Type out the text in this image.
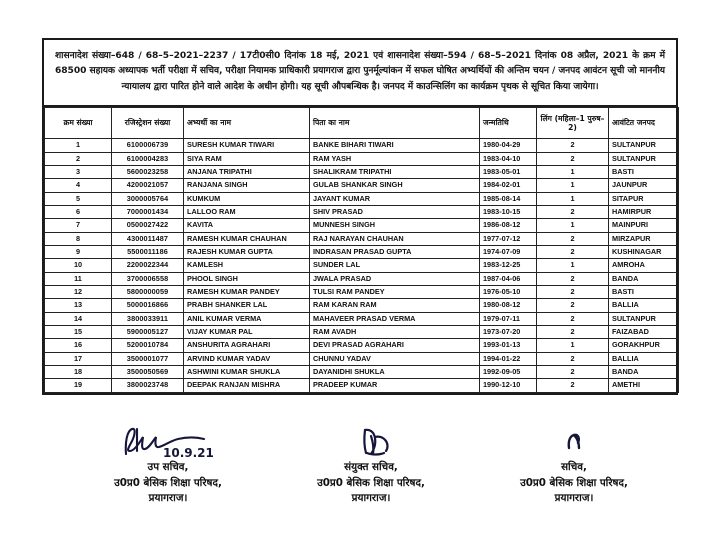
शासनादेश संख्या–648 / 68–5–2021–2237 / 17टी0सी0 दिनांक 18 मई, 2021 एवं शासनादेश संख्या–594 / 68–5–2021 दिनांक 08 अप्रैल, 2021 के क्रम में 68500 सहायक अध्यापक भर्ती परीक्षा में सचिव, परीक्षा नियामक प्राधिकारी प्रयागराज द्वारा पुनर्मूल्यांकन में सफल घोषित अभ्यर्थियों की अन्तिम चयन / जनपद आवंटन सूची जो माननीय न्यायालय द्वारा पारित होने वाले आदेश के अधीन होगी। यह सूची औपबन्धिक है। जनपद में काउन्सिलिंग का कार्यक्रम पृथक से सूचित किया जायेगा।
क्रम संख्या	रजिस्ट्रेशन संख्या	अभ्यर्थी का नाम	पिता का नाम	जन्मतिथि	लिंग (महिला–1 पुरुष–2)	आवंटित जनपद
1	6100006739	SURESH KUMAR TIWARI	BANKE BIHARI TIWARI	1980-04-29	2	SULTANPUR
2	6100004283	SIYA RAM	RAM YASH	1983-04-10	2	SULTANPUR
3	5600023258	ANJANA TRIPATHI	SHALIKRAM TRIPATHI	1983-05-01	1	BASTI
4	4200021057	RANJANA SINGH	GULAB SHANKAR SINGH	1984-02-01	1	JAUNPUR
5	3000005764	KUMKUM	JAYANT KUMAR	1985-08-14	1	SITAPUR
6	7000001434	LALLOO RAM	SHIV PRASAD	1983-10-15	2	HAMIRPUR
7	0500027422	KAVITA	MUNNESH SINGH	1986-08-12	1	MAINPURI
8	4300011487	RAMESH KUMAR CHAUHAN	RAJ NARAYAN CHAUHAN	1977-07-12	2	MIRZAPUR
9	5500011186	RAJESH KUMAR GUPTA	INDRASAN PRASAD GUPTA	1974-07-09	2	KUSHINAGAR
10	2200022344	KAMLESH	SUNDER LAL	1983-12-25	1	AMROHA
11	3700006558	PHOOL SINGH	JWALA PRASAD	1987-04-06	2	BANDA
12	5800000059	RAMESH KUMAR PANDEY	TULSI RAM PANDEY	1976-05-10	2	BASTI
13	5000016866	PRABH SHANKER LAL	RAM KARAN RAM	1980-08-12	2	BALLIA
14	3800033911	ANIL KUMAR VERMA	MAHAVEER PRASAD VERMA	1979-07-11	2	SULTANPUR
15	5900005127	VIJAY KUMAR PAL	RAM AVADH	1973-07-20	2	FAIZABAD
16	5200010784	ANSHURITA AGRAHARI	DEVI PRASAD AGRAHARI	1993-01-13	1	GORAKHPUR
17	3500001077	ARVIND KUMAR YADAV	CHUNNU YADAV	1994-01-22	2	BALLIA
18	3500050569	ASHWINI KUMAR SHUKLA	DAYANIDHI SHUKLA	1992-09-05	2	BANDA
19	3800023748	DEEPAK RANJAN MISHRA	PRADEEP KUMAR	1990-12-10	2	AMETHI
10.9.21
उप सचिव,
उ0प्र0 बेसिक शिक्षा परिषद,
प्रयागराज।
संयुक्त सचिव,
उ0प्र0 बेसिक शिक्षा परिषद,
प्रयागराज।
सचिव,
उ0प्र0 बेसिक शिक्षा परिषद,
प्रयागराज।
